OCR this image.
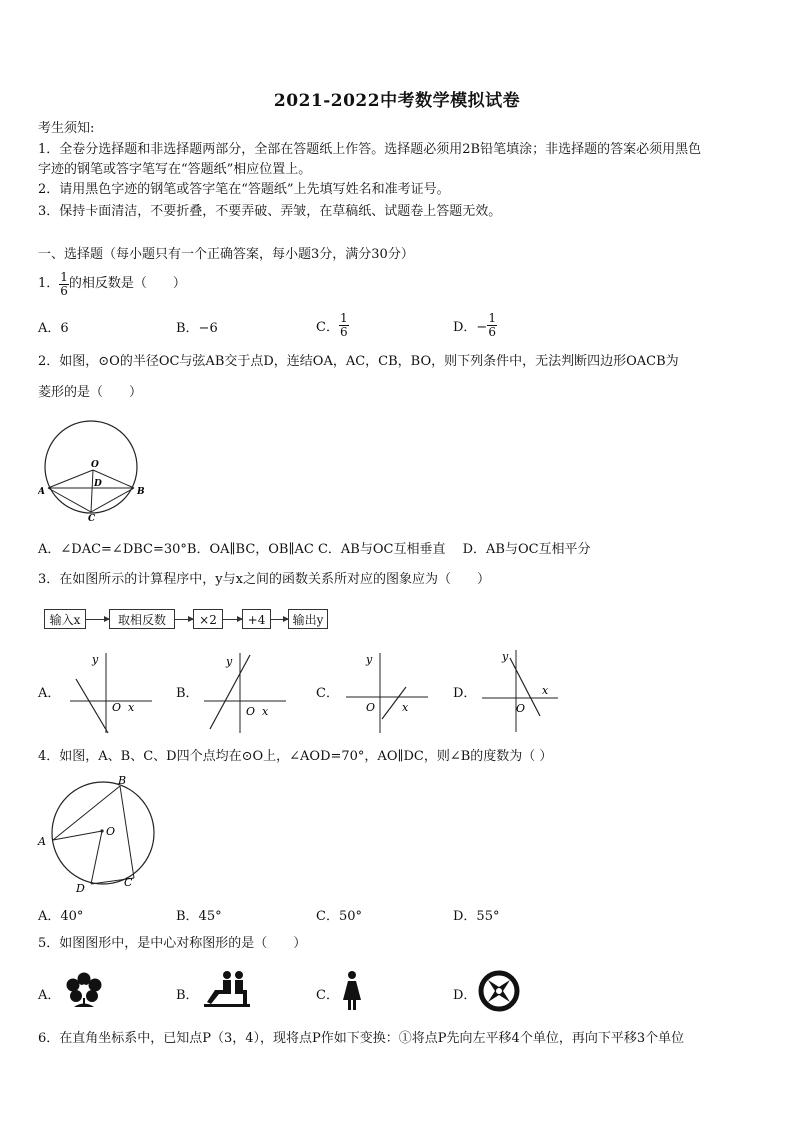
2021-2022中考数学模拟试卷
考生须知:
1．全卷分选择题和非选择题两部分，全部在答题纸上作答。选择题必须用2B铅笔填涂；非选择题的答案必须用黑色
字迹的钢笔或答字笔写在“答题纸”相应位置上。
2．请用黑色字迹的钢笔或答字笔在“答题纸”上先填写姓名和准考证号。
3．保持卡面清洁，不要折叠，不要弄破、弄皱，在草稿纸、试题卷上答题无效。
一、选择题（每小题只有一个正确答案，每小题3分，满分30分）
1． $\frac{1}{6}$ 的相反数是（　　）
A．6	B．−6	C． $\frac{1}{6}$	D．− $\frac{1}{6}$
2．如图，⊙O的半径OC与弦AB交于点D，连结OA，AC，CB，BO，则下列条件中，无法判断四边形OACB为
菱形的是（　　）
O
A	B
D
C
A．∠DAC=∠DBC=30°B．OA∥BC，OB∥AC C．AB与OC互相垂直　 D．AB与OC互相平分
3．在如图所示的计算程序中，y与x之间的函数关系所对应的图象应为（　　）
输入x	取相反数	×2	+4	输出y
A．
y
O x
B．
y
O x
C．
y
O x
D．
y
O
x
4．如图，A、B、C、D四个点均在⊙O上，∠AOD=70°，AO∥DC，则∠B的度数为（ ）
O
A
B
C
D
A．40°	B．45°	C．50°	D．55°
5．如图图形中，是中心对称图形的是（　　）
A．	B．	C．	D．
6．在直角坐标系中，已知点P（3，4），现将点P作如下变换：①将点P先向左平移4个单位，再向下平移3个单位
